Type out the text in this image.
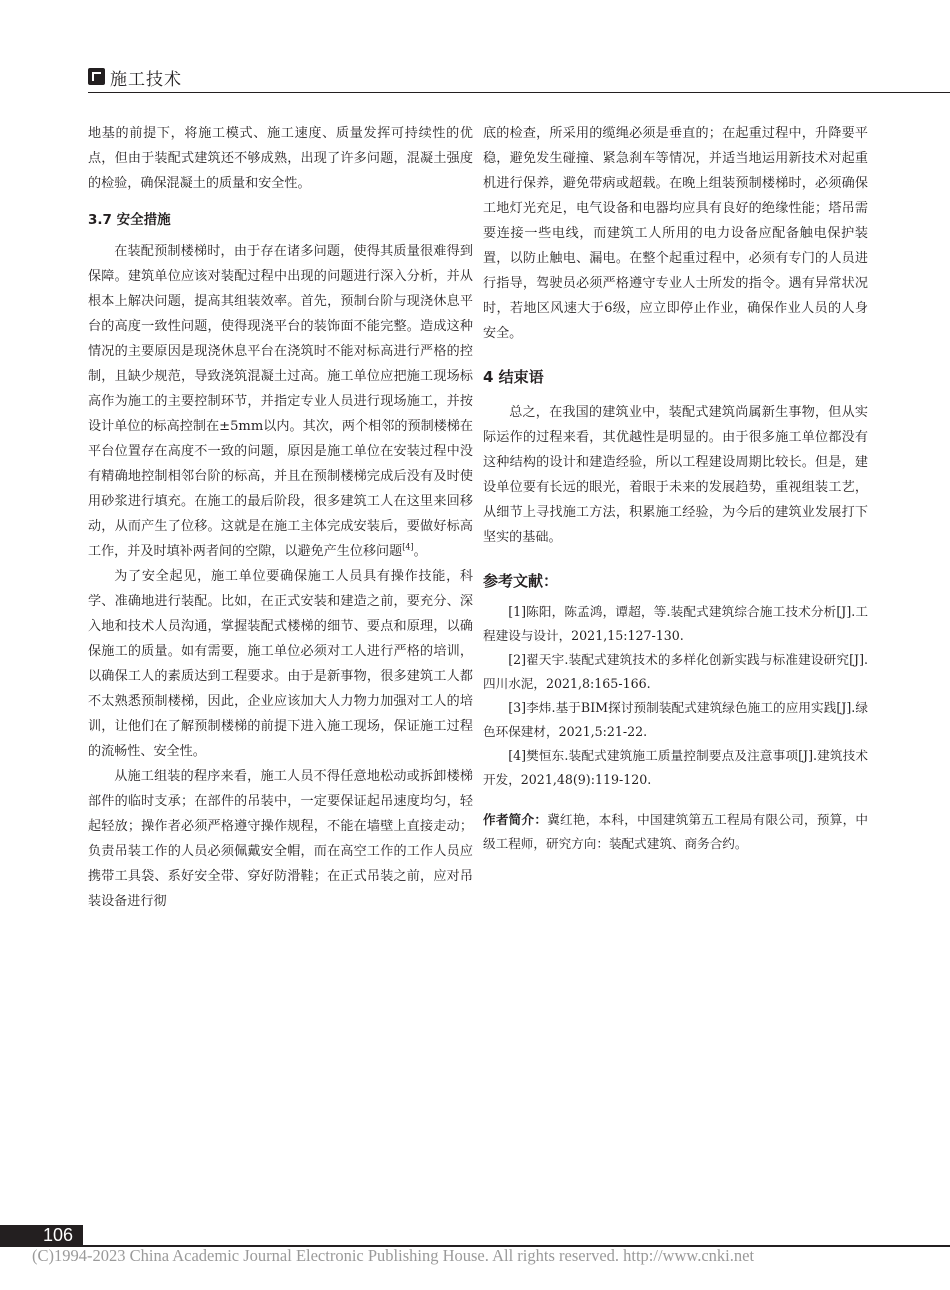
施工技术

地基的前提下，将施工模式、施工速度、质量发挥可持续性的优点，但由于装配式建筑还不够成熟，出现了许多问题，混凝土强度的检验，确保混凝土的质量和安全性。

3.7 安全措施

在装配预制楼梯时，由于存在诸多问题，使得其质量很难得到保障。建筑单位应该对装配过程中出现的问题进行深入分析，并从根本上解决问题，提高其组装效率。首先，预制台阶与现浇休息平台的高度一致性问题，使得现浇平台的装饰面不能完整。造成这种情况的主要原因是现浇休息平台在浇筑时不能对标高进行严格的控制，且缺少规范，导致浇筑混凝土过高。施工单位应把施工现场标高作为施工的主要控制环节，并指定专业人员进行现场施工，并按设计单位的标高控制在±5mm以内。其次，两个相邻的预制楼梯在平台位置存在高度不一致的问题，原因是施工单位在安装过程中没有精确地控制相邻台阶的标高，并且在预制楼梯完成后没有及时使用砂浆进行填充。在施工的最后阶段，很多建筑工人在这里来回移动，从而产生了位移。这就是在施工主体完成安装后，要做好标高工作，并及时填补两者间的空隙，以避免产生位移问题[4]。

为了安全起见，施工单位要确保施工人员具有操作技能，科学、准确地进行装配。比如，在正式安装和建造之前，要充分、深入地和技术人员沟通，掌握装配式楼梯的细节、要点和原理，以确保施工的质量。如有需要，施工单位必须对工人进行严格的培训，以确保工人的素质达到工程要求。由于是新事物，很多建筑工人都不太熟悉预制楼梯，因此，企业应该加大人力物力加强对工人的培训，让他们在了解预制楼梯的前提下进入施工现场，保证施工过程的流畅性、安全性。

从施工组装的程序来看，施工人员不得任意地松动或拆卸楼梯部件的临时支承；在部件的吊装中，一定要保证起吊速度均匀，轻起轻放；操作者必须严格遵守操作规程，不能在墙壁上直接走动；负责吊装工作的人员必须佩戴安全帽，而在高空工作的工作人员应携带工具袋、系好安全带、穿好防滑鞋；在正式吊装之前，应对吊装设备进行彻

底的检查，所采用的缆绳必须是垂直的；在起重过程中，升降要平稳，避免发生碰撞、紧急刹车等情况，并适当地运用新技术对起重机进行保养，避免带病或超载。在晚上组装预制楼梯时，必须确保工地灯光充足，电气设备和电器均应具有良好的绝缘性能；塔吊需要连接一些电线，而建筑工人所用的电力设备应配备触电保护装置，以防止触电、漏电。在整个起重过程中，必须有专门的人员进行指导，驾驶员必须严格遵守专业人士所发的指令。遇有异常状况时，若地区风速大于6级，应立即停止作业，确保作业人员的人身安全。

4 结束语

总之，在我国的建筑业中，装配式建筑尚属新生事物，但从实际运作的过程来看，其优越性是明显的。由于很多施工单位都没有这种结构的设计和建造经验，所以工程建设周期比较长。但是，建设单位要有长远的眼光，着眼于未来的发展趋势，重视组装工艺，从细节上寻找施工方法，积累施工经验，为今后的建筑业发展打下坚实的基础。

参考文献：

[1]陈阳，陈孟鸿，谭超，等.装配式建筑综合施工技术分析[J].工程建设与设计，2021,15:127-130.

[2]翟天宇.装配式建筑技术的多样化创新实践与标准建设研究[J].四川水泥，2021,8:165-166.

[3]李炜.基于BIM探讨预制装配式建筑绿色施工的应用实践[J].绿色环保建材，2021,5:21-22.

[4]樊恒东.装配式建筑施工质量控制要点及注意事项[J].建筑技术开发，2021,48(9):119-120.

作者简介：冀红艳，本科，中国建筑第五工程局有限公司，预算，中级工程师，研究方向：装配式建筑、商务合约。
106
(C)1994-2023 China Academic Journal Electronic Publishing House. All rights reserved. http://www.cnki.net
